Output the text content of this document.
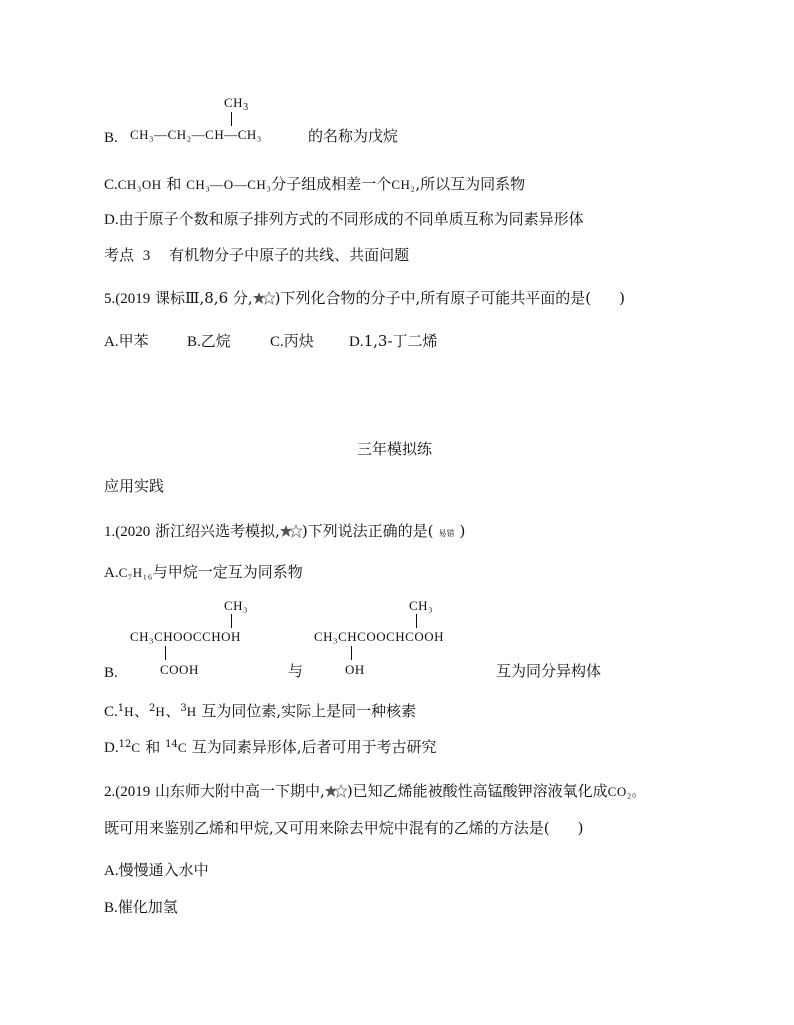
$CH_3$
B. CH₃—CH₂—CH—CH₃	的名称为戊烷
C.CH₃OH 和 CH₃—O—CH₃分子组成相差一个CH₂,所以互为同系物
D.由于原子个数和原子排列方式的不同形成的不同单质互称为同素异形体
考点 3 有机物分子中原子的共线、共面问题
5.(2019 课标Ⅲ,8,6 分, )下列化合物的分子中,所有原子可能共平面的是( )
A.甲苯	B.乙烷	C.丙炔 D.1,3-丁二烯
三年模拟练
应用实践
1.(2020 浙江绍兴选考模拟, )下列说法正确的是( 易错 )
A.C₇H₁₆与甲烷一定互为同系物
CH₃
CH₃CHOOCCHOH
COOH
B.	与
CH₃
CH₃CHCOOCHCOOH
OH	互为同分异构体
C.$^1$H、$^2$H、$^3$H 互为同位素,实际上是同一种核素
D.$^{12}$C 和 $^{14}$C 互为同素异形体,后者可用于考古研究
2.(2019 山东师大附中高一下期中, )已知乙烯能被酸性高锰酸钾溶液氧化成CO₂。
既可用来鉴别乙烯和甲烷,又可用来除去甲烷中混有的乙烯的方法是( )
A.慢慢通入水中
B.催化加氢
